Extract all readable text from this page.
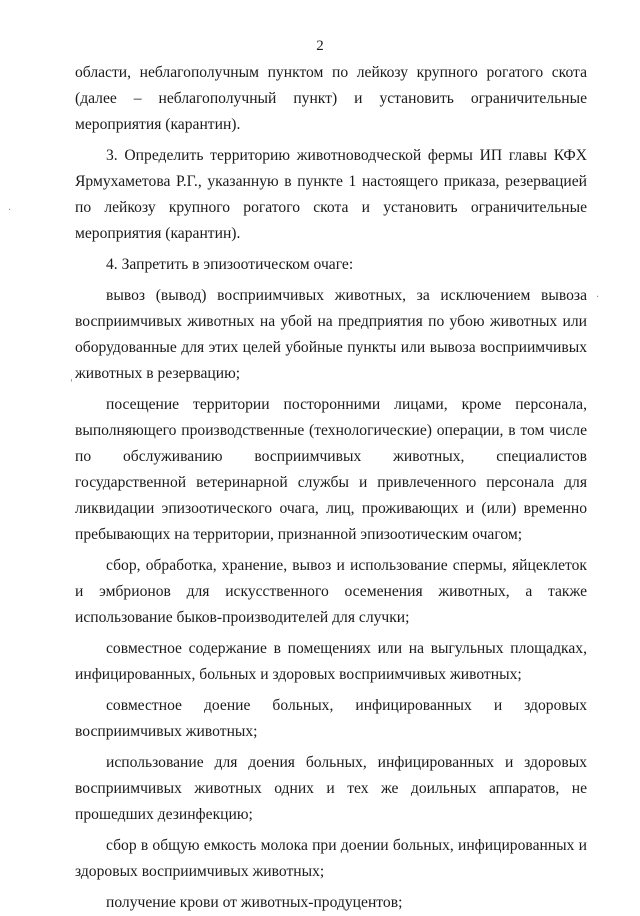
2

области, неблагополучным пунктом по лейкозу крупного рогатого скота (далее – неблагополучный пункт) и установить ограничительные мероприятия (карантин).

3. Определить территорию животноводческой фермы ИП главы КФХ Ярмухаметова Р.Г., указанную в пункте 1 настоящего приказа, резервацией по лейкозу крупного рогатого скота и установить ограничительные мероприятия (карантин).

4. Запретить в эпизоотическом очаге:

вывоз (вывод) восприимчивых животных, за исключением вывоза восприимчивых животных на убой на предприятия по убою животных или оборудованные для этих целей убойные пункты или вывоза восприимчивых животных в резервацию;

посещение территории посторонними лицами, кроме персонала, выполняющего производственные (технологические) операции, в том числе по обслуживанию восприимчивых животных, специалистов государственной ветеринарной службы и привлеченного персонала для ликвидации эпизоотического очага, лиц, проживающих и (или) временно пребывающих на территории, признанной эпизоотическим очагом;

сбор, обработка, хранение, вывоз и использование спермы, яйцеклеток и эмбрионов для искусственного осеменения животных, а также использование быков-производителей для случки;

совместное содержание в помещениях или на выгульных площадках, инфицированных, больных и здоровых восприимчивых животных;

совместное доение больных, инфицированных и здоровых восприимчивых животных;

использование для доения больных, инфицированных и здоровых восприимчивых животных одних и тех же доильных аппаратов, не прошедших дезинфекцию;

сбор в общую емкость молока при доении больных, инфицированных и здоровых восприимчивых животных;

получение крови от животных-продуцентов;

·
'
·
